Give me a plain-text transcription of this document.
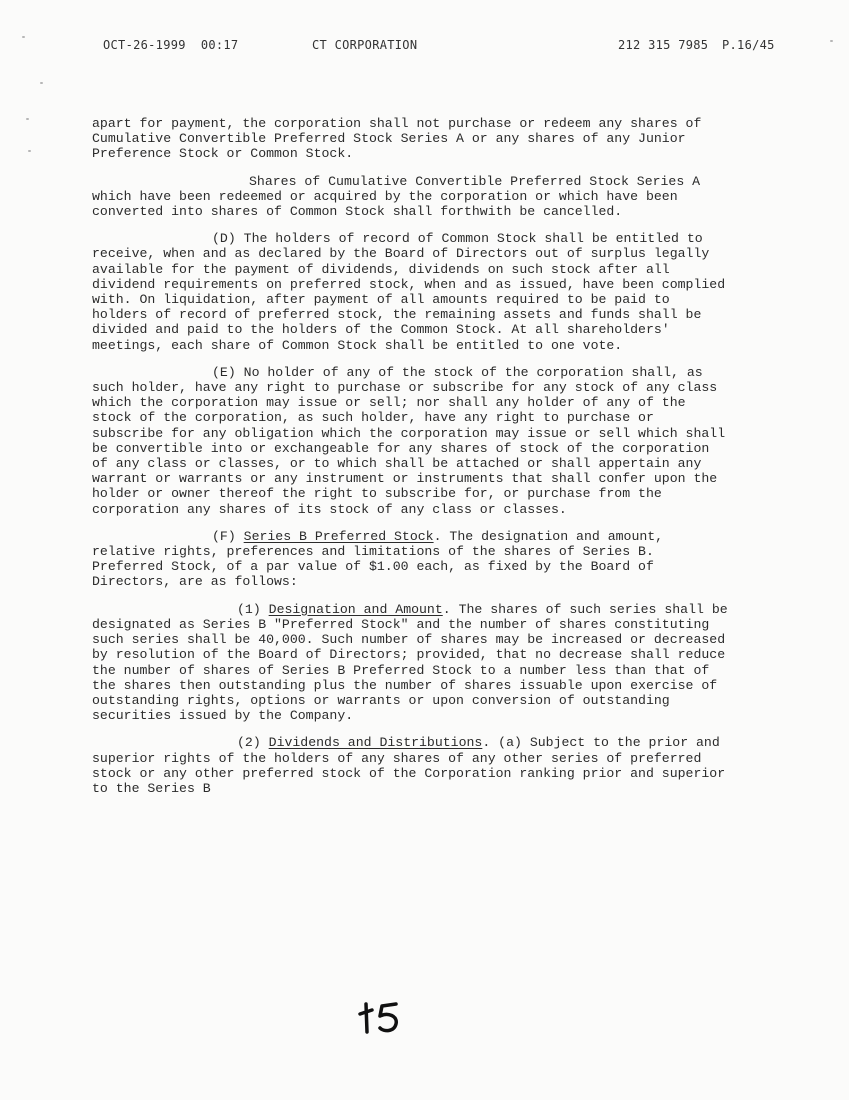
OCT-26-1999  00:17	CT CORPORATION	212 315 7985 P.16/45

apart for payment, the corporation shall not purchase or redeem any shares of Cumulative Convertible Preferred Stock Series A or any shares of any Junior Preference Stock or Common Stock.

Shares of Cumulative Convertible Preferred Stock Series A which have been redeemed or acquired by the corporation or which have been converted into shares of Common Stock shall forthwith be cancelled.

(D) The holders of record of Common Stock shall be entitled to receive, when and as declared by the Board of Directors out of surplus legally available for the payment of dividends, dividends on such stock after all dividend requirements on preferred stock, when and as issued, have been complied with. On liquidation, after payment of all amounts required to be paid to holders of record of preferred stock, the remaining assets and funds shall be divided and paid to the holders of the Common Stock. At all shareholders' meetings, each share of Common Stock shall be entitled to one vote.

(E) No holder of any of the stock of the corporation shall, as such holder, have any right to purchase or subscribe for any stock of any class which the corporation may issue or sell; nor shall any holder of any of the stock of the corporation, as such holder, have any right to purchase or subscribe for any obligation which the corporation may issue or sell which shall be convertible into or exchangeable for any shares of stock of the corporation of any class or classes, or to which shall be attached or shall appertain any warrant or warrants or any instrument or instruments that shall confer upon the holder or owner thereof the right to subscribe for, or purchase from the corporation any shares of its stock of any class or classes.

(F) Series B Preferred Stock. The designation and amount, relative rights, preferences and limitations of the shares of Series B. Preferred Stock, of a par value of $1.00 each, as fixed by the Board of Directors, are as follows:

(1) Designation and Amount. The shares of such series shall be designated as Series B "Preferred Stock" and the number of shares constituting such series shall be 40,000. Such number of shares may be increased or decreased by resolution of the Board of Directors; provided, that no decrease shall reduce the number of shares of Series B Preferred Stock to a number less than that of the shares then outstanding plus the number of shares issuable upon exercise of outstanding rights, options or warrants or upon conversion of outstanding securities issued by the Company.

(2) Dividends and Distributions. (a) Subject to the prior and superior rights of the holders of any shares of any other series of preferred stock or any other preferred stock of the Corporation ranking prior and superior to the Series B
